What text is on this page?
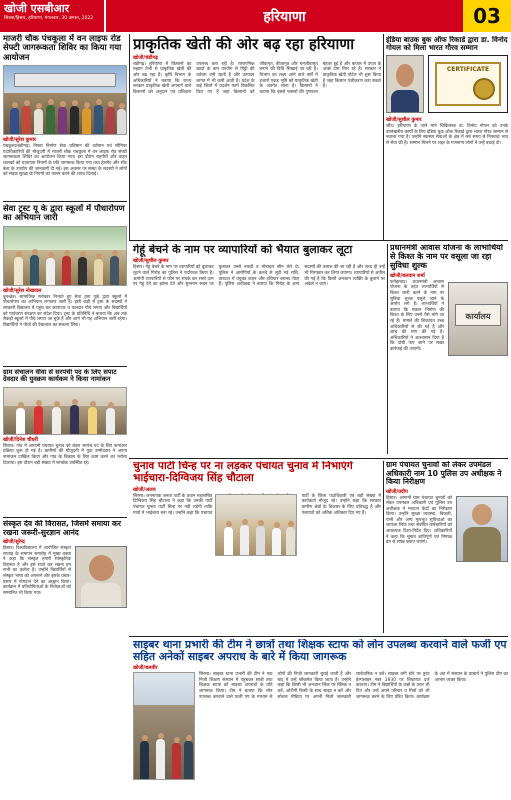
खोजी एसबीआर
सिरसा/हिसार, हरियाणा, मंगलवार, 30 अगस्त, 2022	हरियाणा	03
माजरी चौक पंचकूला में वन लाइफ रोड सेफ्टी जागरूकता शिविर का किया गया आयोजन
खोजी/सुरेश कुमार

पंचकूला/चंडीगढ़। निफ्टा निर्माण सेवा प्रतिष्ठान की वर्तमान एवं सीनियर पदाधिकारियों की मौजूदगी में माजरी चौक पंचकूला में वन लाइफ रोड सेफ्टी जागरूकता शिविर का आयोजन किया गया। इस दौरान राहगीरों और वाहन चालकों को यातायात नियमों के प्रति जागरूक किया गया तथा हेलमेट और सीट बेल्ट के उपयोग की जानकारी दी गई। इस अवसर पर संस्था के सदस्यों ने लोगों को सड़क सुरक्षा के नियमों का पालन करने की शपथ दिलाई।

सेवा ट्रस्ट यू के द्वारा स्कूलों में पौधारोपण का अभियान जारी
खोजी/सुरेश नोखवाल

कुरुक्षेत्र। सामाजिक सरोकार निभाते हुए सेवा ट्रस्ट यूके द्वारा स्कूलों में पौधारोपण का अभियान लगातार जारी है। इसी कड़ी में ट्रस्ट के सदस्यों ने सरकारी विद्यालय में पहुंच कर छायादार व फलदार पौधे लगाए और विद्यार्थियों को पर्यावरण संरक्षण का संदेश दिया। ट्रस्ट के प्रतिनिधि ने बताया कि अब तक सैकड़ों स्कूलों में पौधे लगाए जा चुके हैं और आगे भी यह अभियान जारी रहेगा। विद्यार्थियों ने पौधों की देखभाल का संकल्प लिया।

ग्राम संचालन वीवा से सरपंची पद के लिए सपाट देवदार की युवक्रम कार्यकम ने किया नामांकन
खोजी/दिनेश चौधरी

सिरसा। गांव में आगामी पंचायत चुनाव को लेकर सरपंच पद के लिए नामांकन प्रक्रिया शुरू हो गई है। ग्रामीणों की मौजूदगी में युवा उम्मीदवार ने अपना नामांकन दाखिल किया और गांव के विकास के लिए काम करने का भरोसा दिलाया। इस दौरान बड़ी संख्या में समर्थक उपस्थित रहे।

संस्कृत देव की विरासत, जिसमें समाया कर रखना जरूरी-सुरज्ञान आनंद
खोजी/सुरेन्द्र

हिसार। विश्वविद्यालय में आयोजित संस्कृत सप्ताह के समापन समारोह में मुख्य वक्ता ने कहा कि संस्कृत हमारी सांस्कृतिक विरासत है और इसे संजो कर रखना हम सभी का कर्तव्य है। उन्होंने विद्यार्थियों से संस्कृत भाषा को अपनाने और इसके प्रचार-प्रसार में योगदान देने का आह्वान किया। कार्यक्रम में प्रतियोगिताओं के विजेताओं को सम्मानित भी किया गया।

प्राकृतिक खेती की ओर बढ़ रहा हरियाणा
खोजी/चंडीगढ़

चंडीगढ़। हरियाणा में किसानों का रुझान तेजी से प्राकृतिक खेती की ओर बढ़ रहा है। कृषि विभाग के अधिकारियों ने बताया कि राज्य सरकार प्राकृतिक खेती अपनाने वाले किसानों को अनुदान एवं प्रशिक्षण उपलब्ध करा रही है। रासायनिक खादों के कम उपयोग से मिट्टी की उर्वरता बनी रहती है और उत्पादन लागत में भी कमी आती है। प्रदेश के कई जिलों में प्रदर्शन फार्म विकसित किए गए हैं जहां किसानों को जीवामृत, बीजामृत और घनजीवामृत बनाने की विधि सिखाई जा रही है। विभाग का लक्ष्य आने वाले वर्षों में हजारों एकड़ भूमि को प्राकृतिक खेती के अंतर्गत लाना है। किसानों ने बताया कि इससे फसलों की गुणवत्ता बेहतर हुई है और बाजार में उपज के अच्छे दाम मिल रहे हैं। सरकार ने प्राकृतिक खेती पोर्टल भी शुरू किया है जहां किसान पंजीकरण करा सकते हैं।

इंडिया बाउक बुक ऑफ रिकार्ड द्वारा डा. विनोद गोयल को मिला भारत गौरव सम्मान
CERTIFICATE
खोजी/सुशील कुमार

जींद। हरियाणा के जाने माने चिकित्सक डा. विनोद गोयल को उनके उल्लेखनीय कार्यों के लिए इंडिया बुक ऑफ रिकार्ड द्वारा भारत गौरव सम्मान से नवाजा गया है। उन्होंने स्वास्थ्य सेवाओं के क्षेत्र में लंबे समय से निःस्वार्थ भाव से सेवा की है। सम्मान मिलने पर शहर के गणमान्य लोगों ने उन्हें बधाई दी।

गेहूं बेचने के नाम पर व्यापारियों को भैयात बुलाकर लूटा
खोजी/सुशील कुमार

हिसार। गेहूं बेचने के नाम पर व्यापारियों को बुलाकर लूटने वाले गिरोह का पुलिस ने पर्दाफाश किया है। आरोपी व्यापारियों से फोन पर संपर्क कर सस्ते दाम पर गेहूं देने का झांसा देते और सुनसान स्थान पर बुलाकर उनसे नकदी व मोबाइल छीन लेते थे। पुलिस ने आरोपियों के कब्जे से लूटी गई राशि, वारदात में प्रयुक्त वाहन और हथियार बरामद किए हैं। पुलिस अधीक्षक ने बताया कि गिरोह के अन्य सदस्यों की तलाश की जा रही है और जल्द ही उन्हें भी गिरफ्तार कर लिया जाएगा। व्यापारियों से अपील की गई है कि किसी अनजान व्यक्ति के बुलाने पर अकेले न जाएं।

प्रधानमंत्री आवास योजना के लाभार्थियों से किश्त के नाम पर वसूला जा रहा सुविधा शुल्क
खोजी/बलवान शर्मा

फतेहाबाद। प्रधानमंत्री आवास योजना के तहत लाभार्थियों से किश्त जारी करने के नाम पर सुविधा शुल्क वसूले जाने के आरोप लगे हैं। लाभार्थियों ने बताया कि मकान निर्माण की किश्त के लिए उनसे पैसे मांगे जा रहे हैं। मामले की शिकायत उच्च अधिकारियों से की गई है और जांच की मांग की गई है। अधिकारियों ने आश्वासन दिया है कि दोषी पाए जाने पर सख्त कार्रवाई की जाएगी।

कार्यालय
चुनाव पार्टी चिन्ह पर ना लड़कर पंचायत चुनाव में निभाएंगे भाईचारा-दिग्विजय सिंह चौटाला
खोजी/अजय

सिरसा। जननायक जनता पार्टी के प्रधान महासचिव दिग्विजय सिंह चौटाला ने कहा कि उनकी पार्टी पंचायत चुनाव पार्टी चिन्ह पर नहीं लड़ेगी ताकि गांवों में भाईचारा बना रहे। उन्होंने कहा कि पंचायत पार्टी के जिला पदाधिकारी एवं बड़ी संख्या में कार्यकर्ता मौजूद रहे। उन्होंने कहा कि सरकार ग्रामीण क्षेत्रों के विकास के लिए प्रतिबद्ध है और पंचायतों को अधिक अधिकार दिए गए हैं।

ग्राम पंचायत चुनावों को लेकर उपमंडल अधिकारी नाम 10 पुलिस उप अधीक्षक ने किया निरीक्षण
खोजी/प्रदीप

हिसार। आगामी ग्राम पंचायत चुनावों को लेकर उपमंडल अधिकारी एवं पुलिस उप अधीक्षक ने मतदान केंद्रों का निरीक्षण किया। उन्होंने सुरक्षा व्यवस्था, बिजली, पानी और अन्य मूलभूत सुविधाओं का जायजा लिया तथा संबंधित कर्मचारियों को आवश्यक दिशा-निर्देश दिए। अधिकारियों ने कहा कि चुनाव शांतिपूर्ण एवं निष्पक्ष ढंग से संपन्न कराए जाएंगे।

साइबर थाना प्रभारी की टीम ने छात्रों तथा शिक्षक स्टाफ को लोन उपलब्ध करवाने वाले फर्जी एप सहित अनेकों साइबर अपराध के बारे में किया जागरूक
खोजी/बलवीर

सिरसा। साइबर थाना प्रभारी की टीम ने एक निजी शिक्षण संस्थान में पहुंचकर छात्रों तथा शिक्षक स्टाफ को साइबर अपराधों के प्रति जागरूक किया। टीम ने बताया कि लोन उपलब्ध करवाने वाले फर्जी एप के माध्यम से लोगों की निजी जानकारी चुराई जाती है और बाद में उन्हें ब्लैकमेल किया जाता है। उन्होंने कहा कि किसी भी अनजान लिंक पर क्लिक न करें, ओटीपी किसी के साथ साझा न करें और सोशल मीडिया पर अपनी निजी जानकारी सार्वजनिक न करें। साइबर ठगी होने पर तुरंत हेल्पलाइन नंबर 1930 पर शिकायत दर्ज करवाएं। टीम ने विद्यार्थियों के प्रश्नों के उत्तर भी दिए और उन्हें अपने परिवार व मित्रों को भी जागरूक करने के लिए प्रेरित किया। कार्यक्रम के अंत में संस्थान के प्राचार्य ने पुलिस टीम का आभार व्यक्त किया।
